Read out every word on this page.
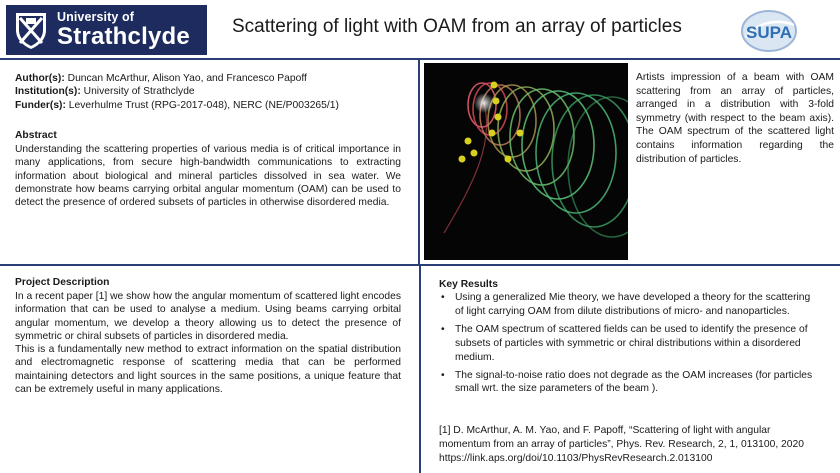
University of
Strathclyde Scattering of light with OAM from an array of particles	SUPA
Author(s): Duncan McArthur, Alison Yao, and Francesco Papoff
Institution(s): University of Strathclyde
Funder(s): Leverhulme Trust (RPG-2017-048), NERC (NE/P003265/1)
Abstract
Understanding the scattering properties of various media is of critical importance in many applications, from secure high-bandwidth communications to extracting information about biological and mineral particles dissolved in sea water. We demonstrate how beams carrying orbital angular momentum (OAM) can be used to detect the presence of ordered subsets of particles in otherwise disordered media.
Artists impression of a beam with OAM scattering from an array of particles, arranged in a distribution with 3-fold symmetry (with respect to the beam axis). The OAM spectrum of the scattered light contains information regarding the distribution of particles.
Project Description
In a recent paper [1] we show how the angular momentum of scattered light encodes information that can be used to analyse a medium. Using beams carrying orbital angular momentum, we develop a theory allowing us to detect the presence of symmetric or chiral subsets of particles in disordered media.
This is a fundamentally new method to extract information on the spatial distribution and electromagnetic response of scattering media that can be performed maintaining detectors and light sources in the same positions, a unique feature that can be extremely useful in many applications.
Key Results
• Using a generalized Mie theory, we have developed a theory for the scattering of light carrying OAM from dilute distributions of micro- and nanoparticles.
• The OAM spectrum of scattered fields can be used to identify the presence of subsets of particles with symmetric or chiral distributions within a disordered medium.
• The signal-to-noise ratio does not degrade as the OAM increases (for particles small wrt. the size parameters of the beam ).
[1] D. McArthur, A. M. Yao, and F. Papoff, “Scattering of light with angular momentum from an array of particles”, Phys. Rev. Research, 2, 1, 013100, 2020 https://link.aps.org/doi/10.1103/PhysRevResearch.2.013100
